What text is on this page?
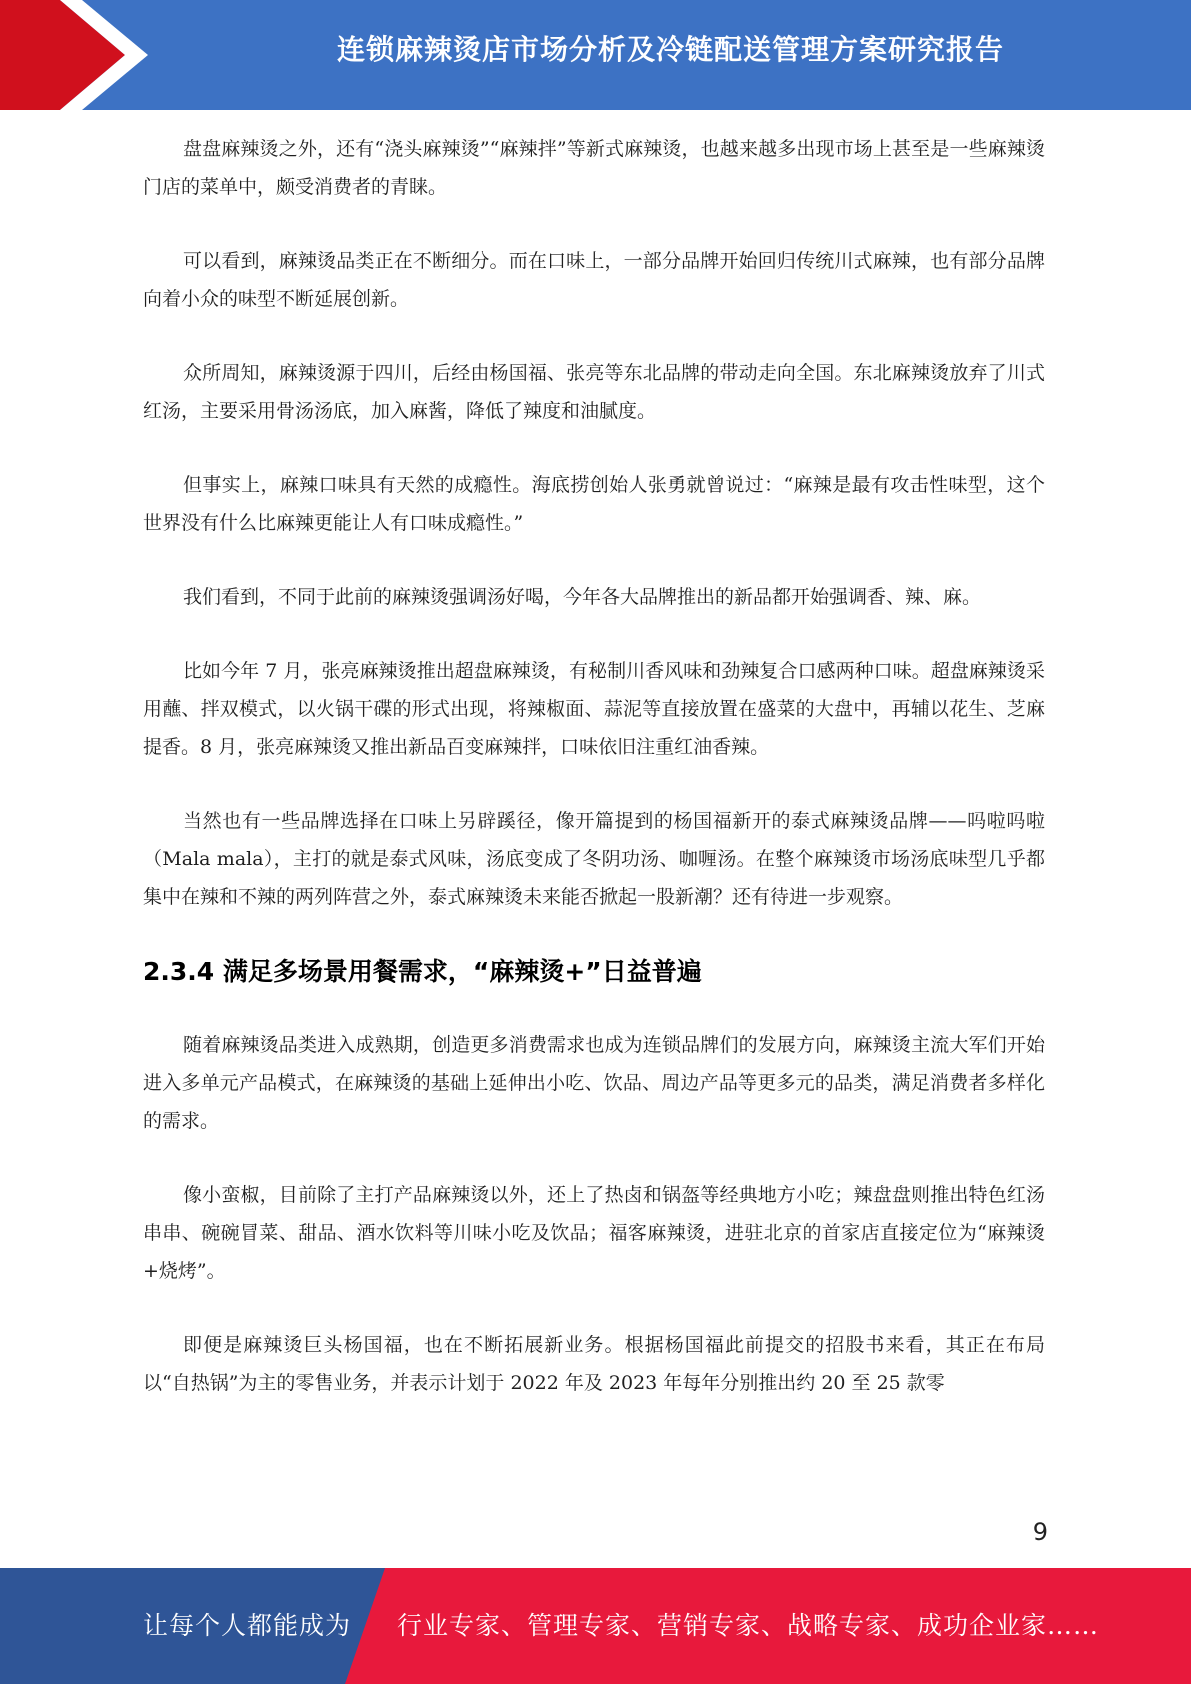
连锁麻辣烫店市场分析及冷链配送管理方案研究报告

盘盘麻辣烫之外，还有“浇头麻辣烫”“麻辣拌”等新式麻辣烫，也越来越多出现市场上甚至是一些麻辣烫门店的菜单中，颇受消费者的青睐。

可以看到，麻辣烫品类正在不断细分。而在口味上，一部分品牌开始回归传统川式麻辣，也有部分品牌向着小众的味型不断延展创新。

众所周知，麻辣烫源于四川，后经由杨国福、张亮等东北品牌的带动走向全国。东北麻辣烫放弃了川式红汤，主要采用骨汤汤底，加入麻酱，降低了辣度和油腻度。

但事实上，麻辣口味具有天然的成瘾性。海底捞创始人张勇就曾说过：“麻辣是最有攻击性味型，这个世界没有什么比麻辣更能让人有口味成瘾性。”

我们看到，不同于此前的麻辣烫强调汤好喝，今年各大品牌推出的新品都开始强调香、辣、麻。

比如今年 7 月，张亮麻辣烫推出超盘麻辣烫，有秘制川香风味和劲辣复合口感两种口味。超盘麻辣烫采用蘸、拌双模式，以火锅干碟的形式出现，将辣椒面、蒜泥等直接放置在盛菜的大盘中，再辅以花生、芝麻提香。8 月，张亮麻辣烫又推出新品百变麻辣拌，口味依旧注重红油香辣。

当然也有一些品牌选择在口味上另辟蹊径，像开篇提到的杨国福新开的泰式麻辣烫品牌——吗啦吗啦（Mala mala），主打的就是泰式风味，汤底变成了冬阴功汤、咖喱汤。在整个麻辣烫市场汤底味型几乎都集中在辣和不辣的两列阵营之外，泰式麻辣烫未来能否掀起一股新潮？还有待进一步观察。

2.3.4 满足多场景用餐需求，“麻辣烫+”日益普遍

随着麻辣烫品类进入成熟期，创造更多消费需求也成为连锁品牌们的发展方向，麻辣烫主流大军们开始进入多单元产品模式，在麻辣烫的基础上延伸出小吃、饮品、周边产品等更多元的品类，满足消费者多样化的需求。

像小蛮椒，目前除了主打产品麻辣烫以外，还上了热卤和锅盔等经典地方小吃；辣盘盘则推出特色红汤串串、碗碗冒菜、甜品、酒水饮料等川味小吃及饮品；福客麻辣烫，进驻北京的首家店直接定位为“麻辣烫+烧烤”。

即便是麻辣烫巨头杨国福，也在不断拓展新业务。根据杨国福此前提交的招股书来看，其正在布局以“自热锅”为主的零售业务，并表示计划于 2022 年及 2023 年每年分别推出约 20 至 25 款零

9
让每个人都能成为 行业专家、管理专家、营销专家、战略专家、成功企业家……
